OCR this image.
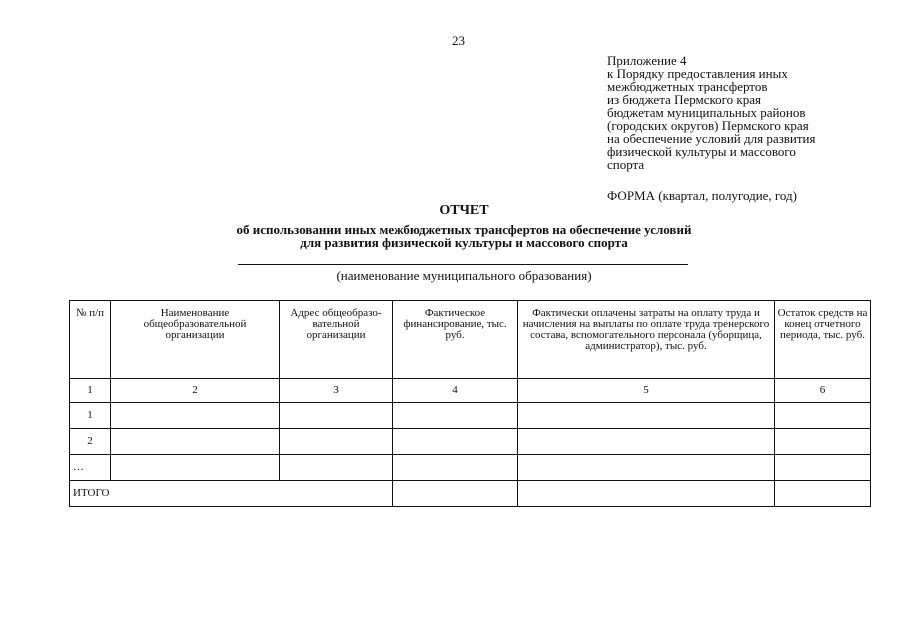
23
Приложение 4
к Порядку предоставления иных
межбюджетных трансфертов
из бюджета Пермского края
бюджетам муниципальных районов
(городских округов) Пермского края
на обеспечение условий для развития
физической культуры и массового
спорта
ФОРМА (квартал, полугодие, год)
ОТЧЕТ
об использовании иных межбюджетных трансфертов на обеспечение условий
для развития физической культуры и массового спорта
(наименование муниципального образования)
№ п/п	Наименование общеобразовательной организации	Адрес общеобразо- вательной организации	Фактическое финансирование, тыс. руб.	Фактически оплачены затраты на оплату труда и начисления на выплаты по оплате труда тренерского состава, вспомогательного персонала (уборщица, администратор), тыс. руб.	Остаток средств на конец отчетного периода, тыс. руб.
1	2	3	4	5	6
1					
2					
…					
ИТОГО					
